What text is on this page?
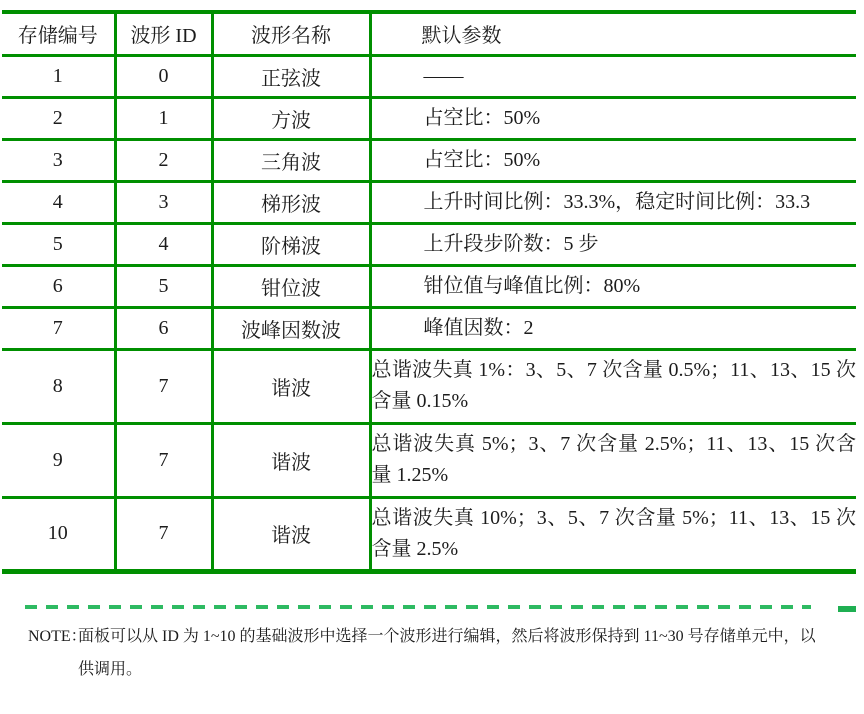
存储编号	波形 ID	波形名称	默认参数
1	0	正弦波	——
2	1	方波	占空比：50%
3	2	三角波	占空比：50%
4	3	梯形波	上升时间比例：33.3%，稳定时间比例：33.3
5	4	阶梯波	上升段步阶数：5 步
6	5	钳位波	钳位值与峰值比例：80%
7	6	波峰因数波	峰值因数：2
8	7	谐波	总谐波失真 1%：3、5、7 次含量 0.5%；11、13、15 次含量 0.15%
9	7	谐波	总谐波失真 5%；3、7 次含量 2.5%；11、13、15 次含量 1.25%
10	7	谐波	总谐波失真 10%；3、5、7 次含量 5%；11、13、15 次含量 2.5%
NOTE：
面板可以从 ID 为 1~10 的基础波形中选择一个波形进行编辑，然后将波形保持到 11~30 号存储单元中，以供调用。
